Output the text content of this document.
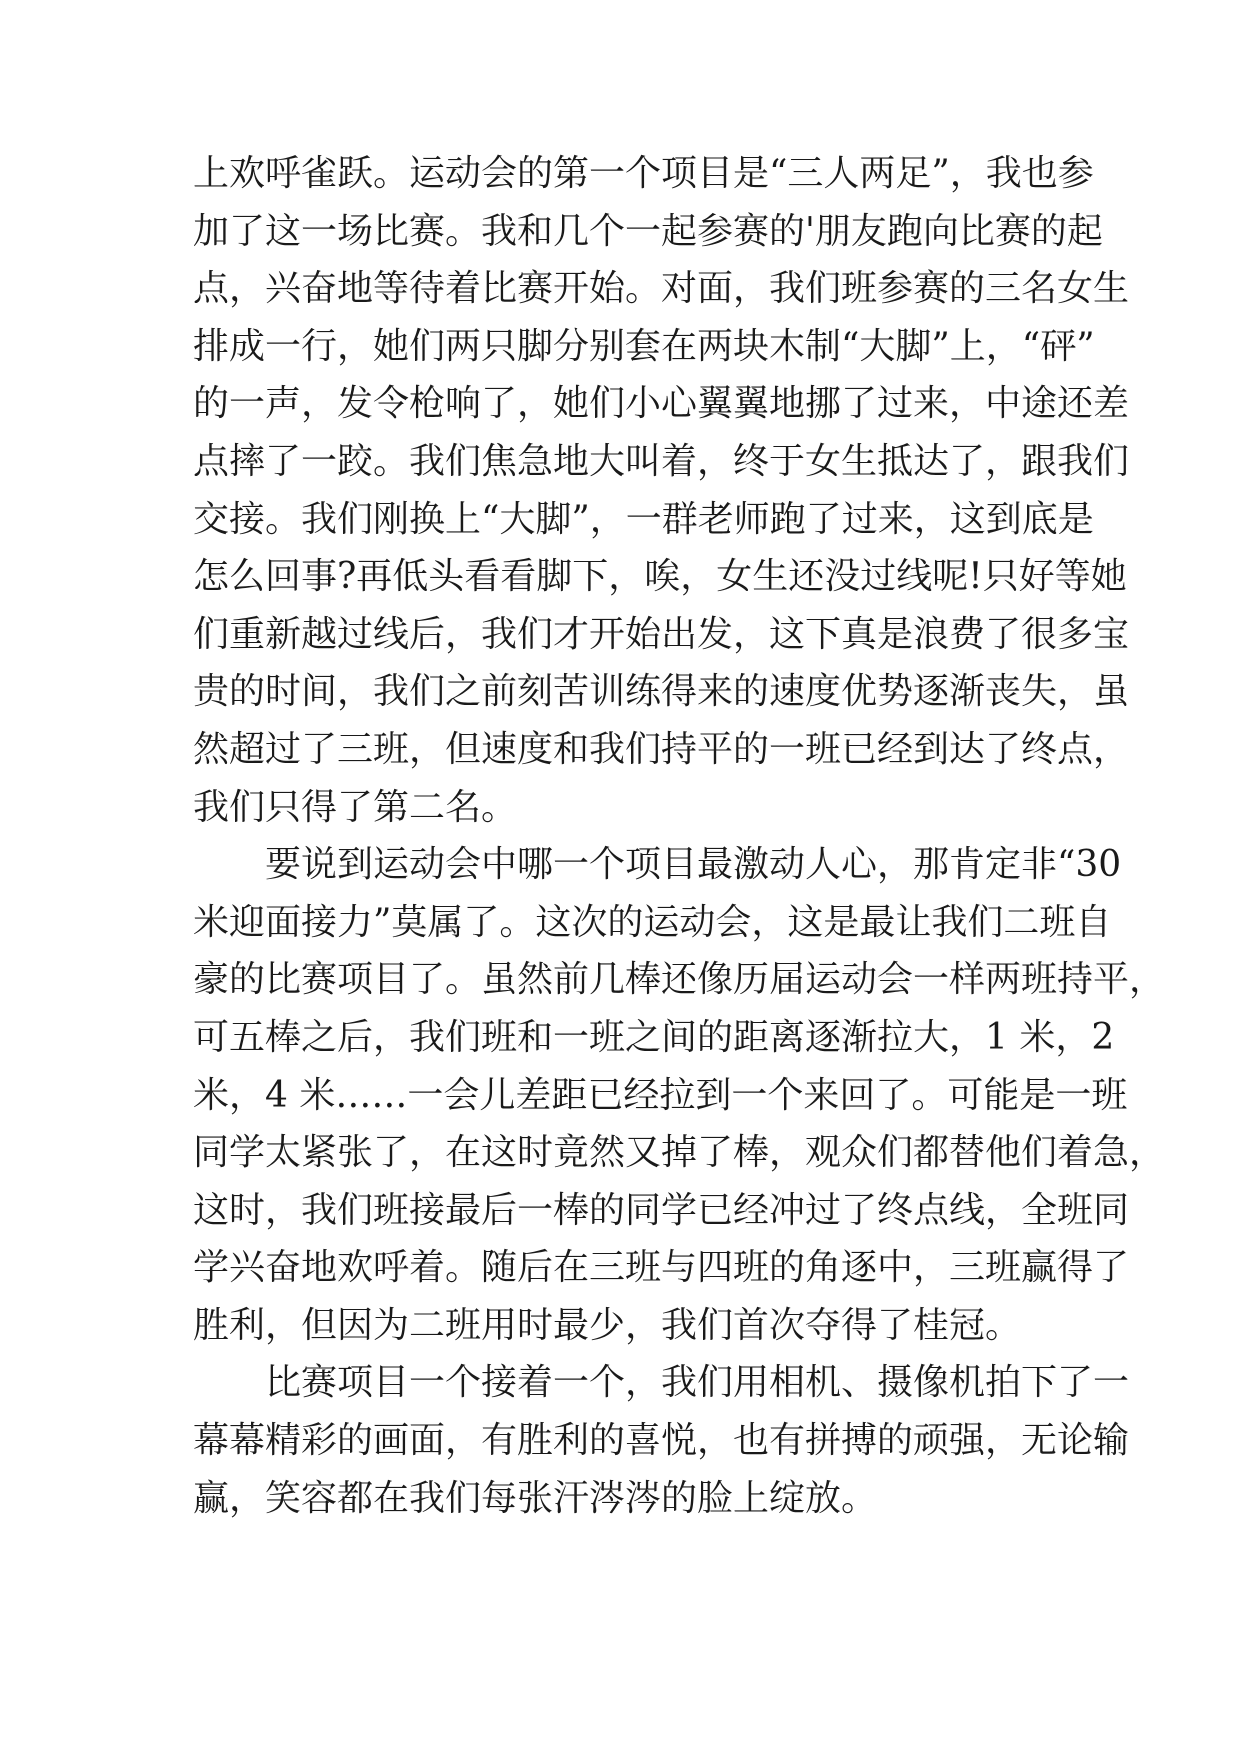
上欢呼雀跃。运动会的第一个项目是“三人两足”，我也参
加了这一场比赛。我和几个一起参赛的'朋友跑向比赛的起
点，兴奋地等待着比赛开始。对面，我们班参赛的三名女生
排成一行，她们两只脚分别套在两块木制“大脚”上，“砰”
的一声，发令枪响了，她们小心翼翼地挪了过来，中途还差
点摔了一跤。我们焦急地大叫着，终于女生抵达了，跟我们
交接。我们刚换上“大脚”，一群老师跑了过来，这到底是
怎么回事?再低头看看脚下，唉，女生还没过线呢!只好等她
们重新越过线后，我们才开始出发，这下真是浪费了很多宝
贵的时间，我们之前刻苦训练得来的速度优势逐渐丧失，虽
然超过了三班，但速度和我们持平的一班已经到达了终点，
我们只得了第二名。
　　要说到运动会中哪一个项目最激动人心，那肯定非“30
米迎面接力”莫属了。这次的运动会，这是最让我们二班自
豪的比赛项目了。虽然前几棒还像历届运动会一样两班持平，
可五棒之后，我们班和一班之间的距离逐渐拉大，1 米，2
米，4 米……一会儿差距已经拉到一个来回了。可能是一班
同学太紧张了，在这时竟然又掉了棒，观众们都替他们着急，
这时，我们班接最后一棒的同学已经冲过了终点线，全班同
学兴奋地欢呼着。随后在三班与四班的角逐中，三班赢得了
胜利，但因为二班用时最少，我们首次夺得了桂冠。
　　比赛项目一个接着一个，我们用相机、摄像机拍下了一
幕幕精彩的画面，有胜利的喜悦，也有拼搏的顽强，无论输
赢，笑容都在我们每张汗涔涔的脸上绽放。
